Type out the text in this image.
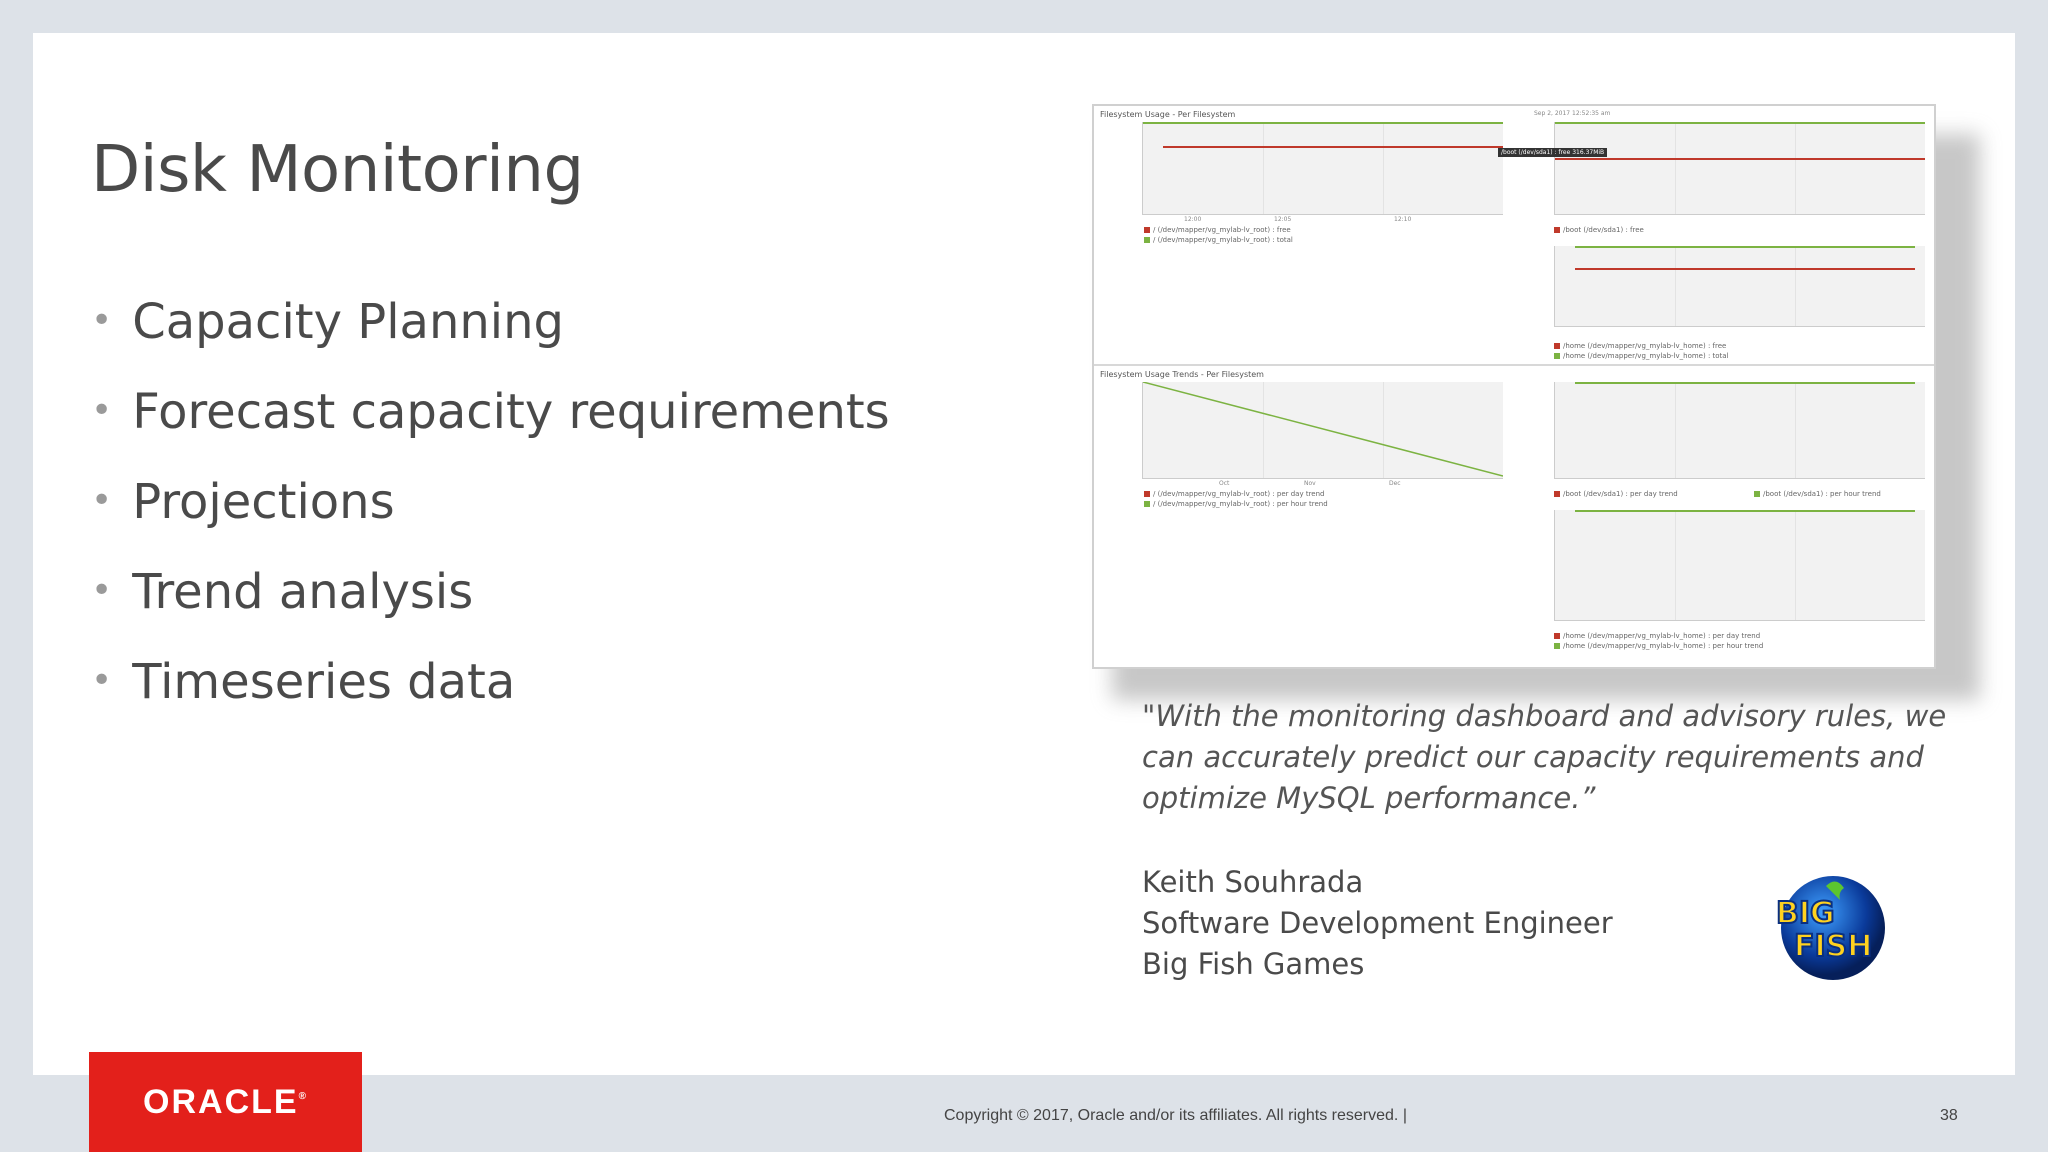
Disk Monitoring
• Capacity Planning
• Forecast capacity requirements
• Projections
• Trend analysis
• Timeseries data
Filesystem Usage - Per Filesystem	Sep 2, 2017 12:52:35 am
12:00	12:05	12:10
/ (/dev/mapper/vg_mylab-lv_root) : free
/ (/dev/mapper/vg_mylab-lv_root) : total
/boot (/dev/sda1) : free 316.37MiB
/boot (/dev/sda1) : free
/home (/dev/mapper/vg_mylab-lv_home) : free
/home (/dev/mapper/vg_mylab-lv_home) : total
Filesystem Usage Trends - Per Filesystem
Oct	Nov	Dec
/ (/dev/mapper/vg_mylab-lv_root) : per day trend
/ (/dev/mapper/vg_mylab-lv_root) : per hour trend
/boot (/dev/sda1) : per day trend	/boot (/dev/sda1) : per hour trend
/home (/dev/mapper/vg_mylab-lv_home) : per day trend
/home (/dev/mapper/vg_mylab-lv_home) : per hour trend

"With the monitoring dashboard and advisory rules, we can accurately predict our capacity requirements and optimize MySQL performance.”

Keith Souhrada
Software Development Engineer
Big Fish Games
BIG
FISH
ORACLE®
Copyright © 2017, Oracle and/or its affiliates. All rights reserved. |	38
